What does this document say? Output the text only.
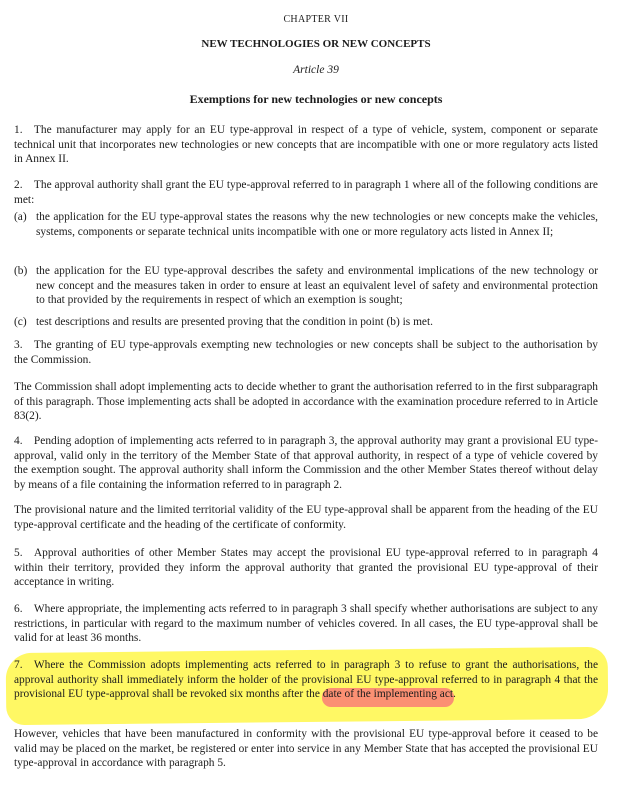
CHAPTER VII
NEW TECHNOLOGIES OR NEW CONCEPTS
Article 39
Exemptions for new technologies or new concepts

1. The manufacturer may apply for an EU type-approval in respect of a type of vehicle, system, component or separate technical unit that incorporates new technologies or new concepts that are incompatible with one or more regulatory acts listed in Annex II.

2. The approval authority shall grant the EU type-approval referred to in paragraph 1 where all of the following conditions are met:

(a) the application for the EU type-approval states the reasons why the new technologies or new concepts make the vehicles, systems, components or separate technical units incompatible with one or more regulatory acts listed in Annex II;
(b) the application for the EU type-approval describes the safety and environmental implications of the new technology or new concept and the measures taken in order to ensure at least an equivalent level of safety and environmental protection to that provided by the requirements in respect of which an exemption is sought;
(c) test descriptions and results are presented proving that the condition in point (b) is met.

3. The granting of EU type-approvals exempting new technologies or new concepts shall be subject to the authorisation by the Commission.

The Commission shall adopt implementing acts to decide whether to grant the authorisation referred to in the first subparagraph of this paragraph. Those implementing acts shall be adopted in accordance with the examination procedure referred to in Article 83(2).

4. Pending adoption of implementing acts referred to in paragraph 3, the approval authority may grant a provisional EU type-approval, valid only in the territory of the Member State of that approval authority, in respect of a type of vehicle covered by the exemption sought. The approval authority shall inform the Commission and the other Member States thereof without delay by means of a file containing the information referred to in paragraph 2.

The provisional nature and the limited territorial validity of the EU type-approval shall be apparent from the heading of the EU type-approval certificate and the heading of the certificate of conformity.

5. Approval authorities of other Member States may accept the provisional EU type-approval referred to in paragraph 4 within their territory, provided they inform the approval authority that granted the provisional EU type-approval of their acceptance in writing.

6. Where appropriate, the implementing acts referred to in paragraph 3 shall specify whether authorisations are subject to any restrictions, in particular with regard to the maximum number of vehicles covered. In all cases, the EU type-approval shall be valid for at least 36 months.

7. Where the Commission adopts implementing acts referred to in paragraph 3 to refuse to grant the authorisations, the approval authority shall immediately inform the holder of the provisional EU type-approval referred to in paragraph 4 that the provisional EU type-approval shall be revoked six months after the date of the implementing act.

However, vehicles that have been manufactured in conformity with the provisional EU type-approval before it ceased to be valid may be placed on the market, be registered or enter into service in any Member State that has accepted the provisional EU type-approval in accordance with paragraph 5.
